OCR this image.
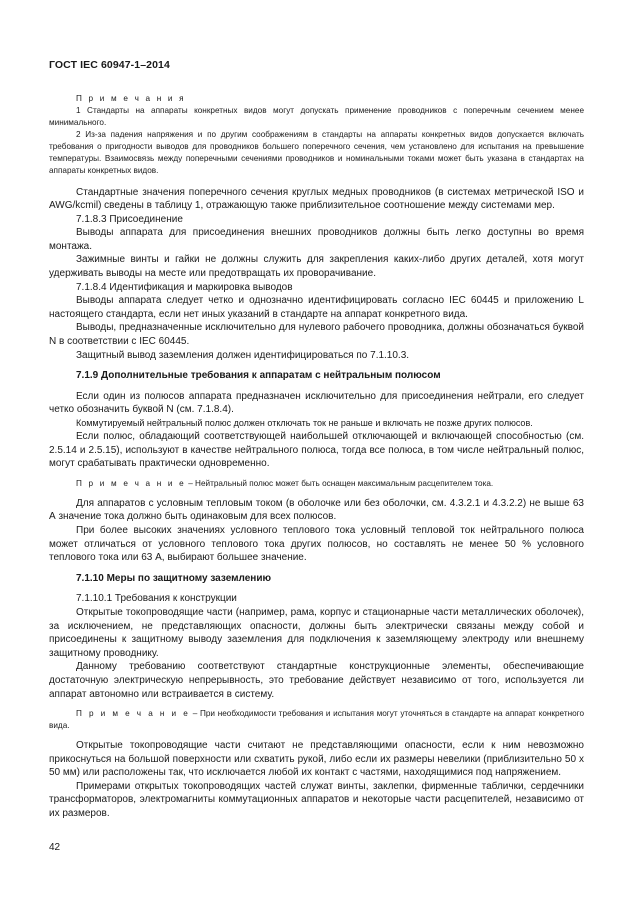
ГОСТ IEC 60947-1–2014
П р и м е ч а н и я

1 Стандарты на аппараты конкретных видов могут допускать применение проводников с поперечным сечением менее минимального.

2 Из-за падения напряжения и по другим соображениям в стандарты на аппараты конкретных видов допускается включать требования о пригодности выводов для проводников большего поперечного сечения, чем установлено для испытания на превышение температуры. Взаимосвязь между поперечными сечениями проводников и номинальными токами может быть указана в стандартах на аппараты конкретных видов.

Стандартные значения поперечного сечения круглых медных проводников (в системах метрической ISO и AWG/kcmil) сведены в таблицу 1, отражающую также приблизительное соотношение между системами мер.

7.1.8.3 Присоединение

Выводы аппарата для присоединения внешних проводников должны быть легко доступны во время монтажа.

Зажимные винты и гайки не должны служить для закрепления каких-либо других деталей, хотя могут удерживать выводы на месте или предотвращать их проворачивание.

7.1.8.4 Идентификация и маркировка выводов

Выводы аппарата следует четко и однозначно идентифицировать согласно IEC 60445 и приложению L настоящего стандарта, если нет иных указаний в стандарте на аппарат конкретного вида.

Выводы, предназначенные исключительно для нулевого рабочего проводника, должны обозначаться буквой N в соответствии с IEC 60445.

Защитный вывод заземления должен идентифицироваться по 7.1.10.3.

7.1.9 Дополнительные требования к аппаратам с нейтральным полюсом

Если один из полюсов аппарата предназначен исключительно для присоединения нейтрали, его следует четко обозначить буквой N (см. 7.1.8.4).

Коммутируемый нейтральный полюс должен отключать ток не раньше и включать не позже других полюсов.

Если полюс, обладающий соответствующей наибольшей отключающей и включающей способностью (см. 2.5.14 и 2.5.15), используют в качестве нейтрального полюса, тогда все полюса, в том числе нейтральный полюс, могут срабатывать практически одновременно.

П р и м е ч а н и е – Нейтральный полюс может быть оснащен максимальным расцепителем тока.

Для аппаратов с условным тепловым током (в оболочке или без оболочки, см. 4.3.2.1 и 4.3.2.2) не выше 63 А значение тока должно быть одинаковым для всех полюсов.

При более высоких значениях условного теплового тока условный тепловой ток нейтрального полюса может отличаться от условного теплового тока других полюсов, но составлять не менее 50 % условного теплового тока или 63 А, выбирают большее значение.

7.1.10 Меры по защитному заземлению

7.1.10.1 Требования к конструкции

Открытые токопроводящие части (например, рама, корпус и стационарные части металлических оболочек), за исключением, не представляющих опасности, должны быть электрически связаны между собой и присоединены к защитному выводу заземления для подключения к заземляющему электроду или внешнему защитному проводнику.

Данному требованию соответствуют стандартные конструкционные элементы, обеспечивающие достаточную электрическую непрерывность, это требование действует независимо от того, используется ли аппарат автономно или встраивается в систему.

П р и м е ч а н и е – При необходимости требования и испытания могут уточняться в стандарте на аппарат конкретного вида.

Открытые токопроводящие части считают не представляющими опасности, если к ним невозможно прикоснуться на большой поверхности или схватить рукой, либо если их размеры невелики (приблизительно 50 х 50 мм) или расположены так, что исключается любой их контакт с частями, находящимися под напряжением.

Примерами открытых токопроводящих частей служат винты, заклепки, фирменные таблички, сердечники трансформаторов, электромагниты коммутационных аппаратов и некоторые части расцепителей, независимо от их размеров.

42
